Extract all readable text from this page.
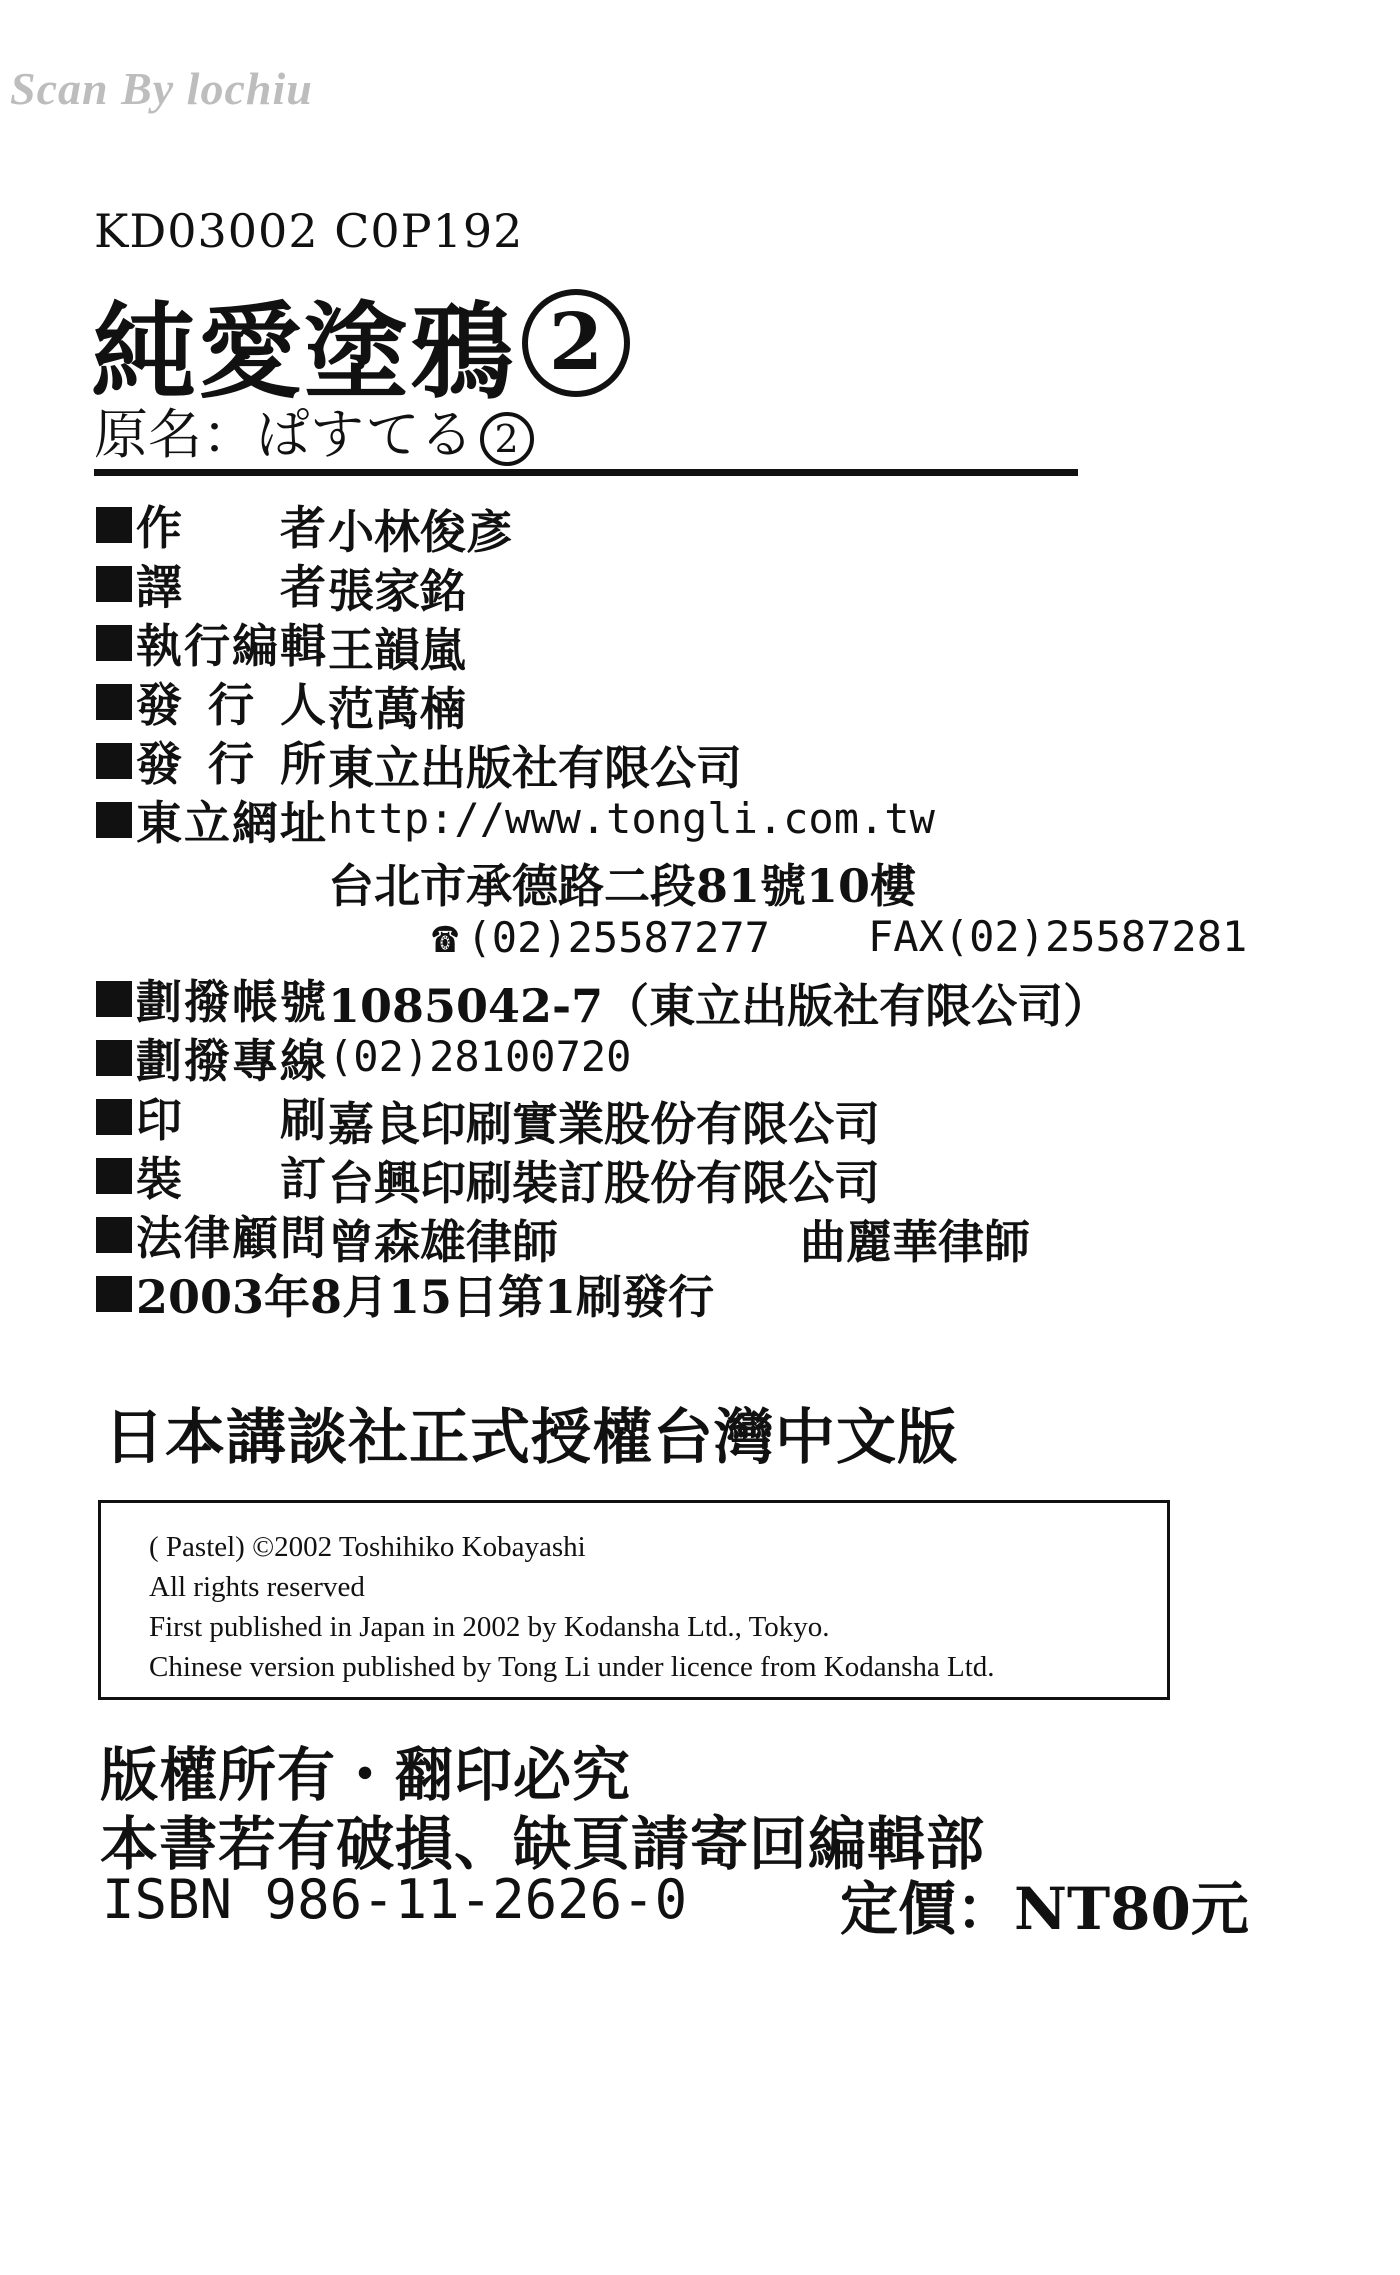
Scan By lochiu
KD03002 C0P192
純愛塗鴉 2
原名：ぱすてる 2
作　　者 小林俊彥
譯　　者 張家銘
執行編輯 王韻嵐
發 行 人 范萬楠
發 行 所 東立出版社有限公司
東立網址 http://www.tongli.com.tw
台北市承德路二段81號10樓
☎ (02)25587277 FAX(02)25587281
劃撥帳號 1085042-7（東立出版社有限公司）
劃撥專線 (02)28100720
印　　刷 嘉良印刷實業股份有限公司
裝　　訂 台興印刷裝訂股份有限公司
法律顧問 曾森雄律師	曲麗華律師
2003年8月15日第1刷發行
日本講談社正式授權台灣中文版
( Pastel) ©2002 Toshihiko Kobayashi
All rights reserved
First published in Japan in 2002 by Kodansha Ltd., Tokyo.
Chinese version published by Tong Li under licence from Kodansha Ltd.
版權所有・翻印必究
本書若有破損、缺頁請寄回編輯部
ISBN 986-11-2626-0	定價：NT80元
